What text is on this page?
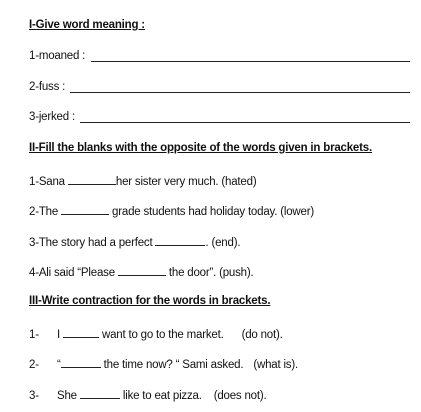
I-Give word meaning :
1-moaned :
2-fuss :
3-jerked :
II-Fill the blanks with the opposite of the words given in brackets.
1-Sana	her sister very much. (hated)
2-The	grade students had holiday today. (lower)
3-The story had a perfect	. (end).
4-Ali said “Please	the door”. (push).
III-Write contraction for the words in brackets.
1- I	want to go to the market. (do not).
2- “	the time now? “ Sami asked. (what is).
3- She	like to eat pizza. (does not).
